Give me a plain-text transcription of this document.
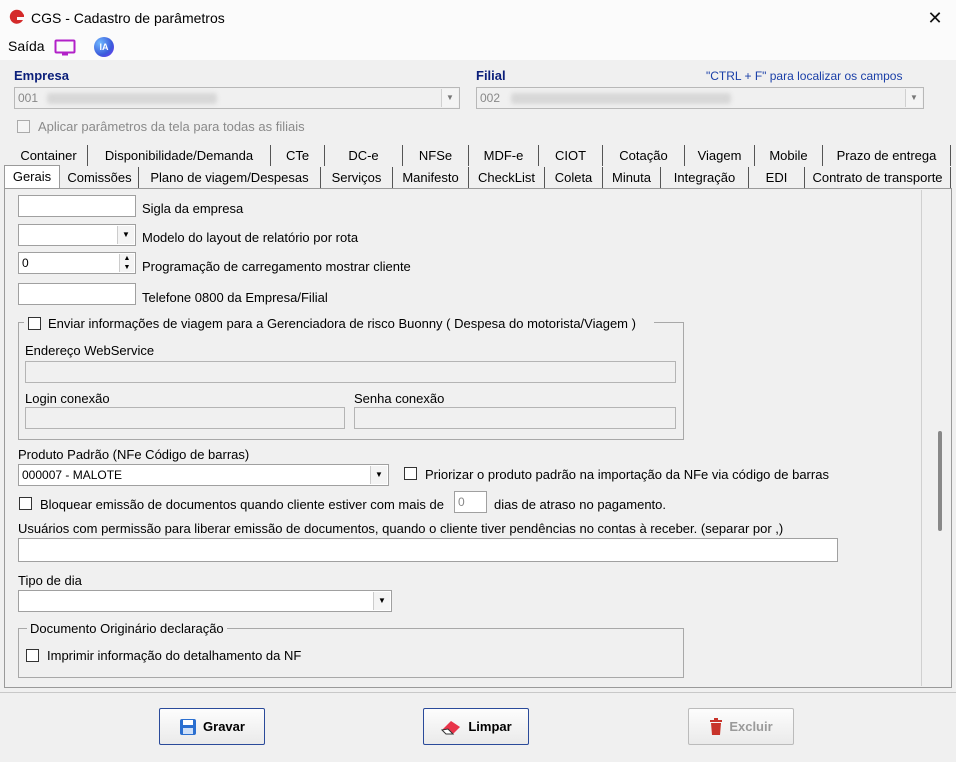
CGS - Cadastro de parâmetros	✕
Saída	IA
Empresa
001	▼
Filial	"CTRL + F" para localizar os campos
002	▼
Aplicar parâmetros da tela para todas as filiais
Container	Disponibilidade/Demanda	CTe	DC-e	NFSe	MDF-e	CIOT	Cotação	Viagem	Mobile	Prazo de entrega
Gerais	Comissões	Plano de viagem/Despesas	Serviços	Manifesto	CheckList	Coleta	Minuta	Integração	EDI	Contrato de transporte
Sigla da empresa
▼ Modelo do layout de relatório por rota
0	▲
▼ Programação de carregamento mostrar cliente
Telefone 0800 da Empresa/Filial
Enviar informações de viagem para a Gerenciadora de risco Buonny ( Despesa do motorista/Viagem )
Endereço WebService
Login conexão	Senha conexão
Produto Padrão (NFe Código de barras)
000007 - MALOTE	▼	Priorizar o produto padrão na importação da NFe via código de barras
Bloquear emissão de documentos quando cliente estiver com mais de	0	dias de atraso no pagamento.
Usuários com permissão para liberar emissão de documentos, quando o cliente tiver pendências no contas à receber. (separar por ,)
Tipo de dia
▼
Documento Originário declaração
Imprimir informação do detalhamento da NF
Gravar	Limpar	Excluir
